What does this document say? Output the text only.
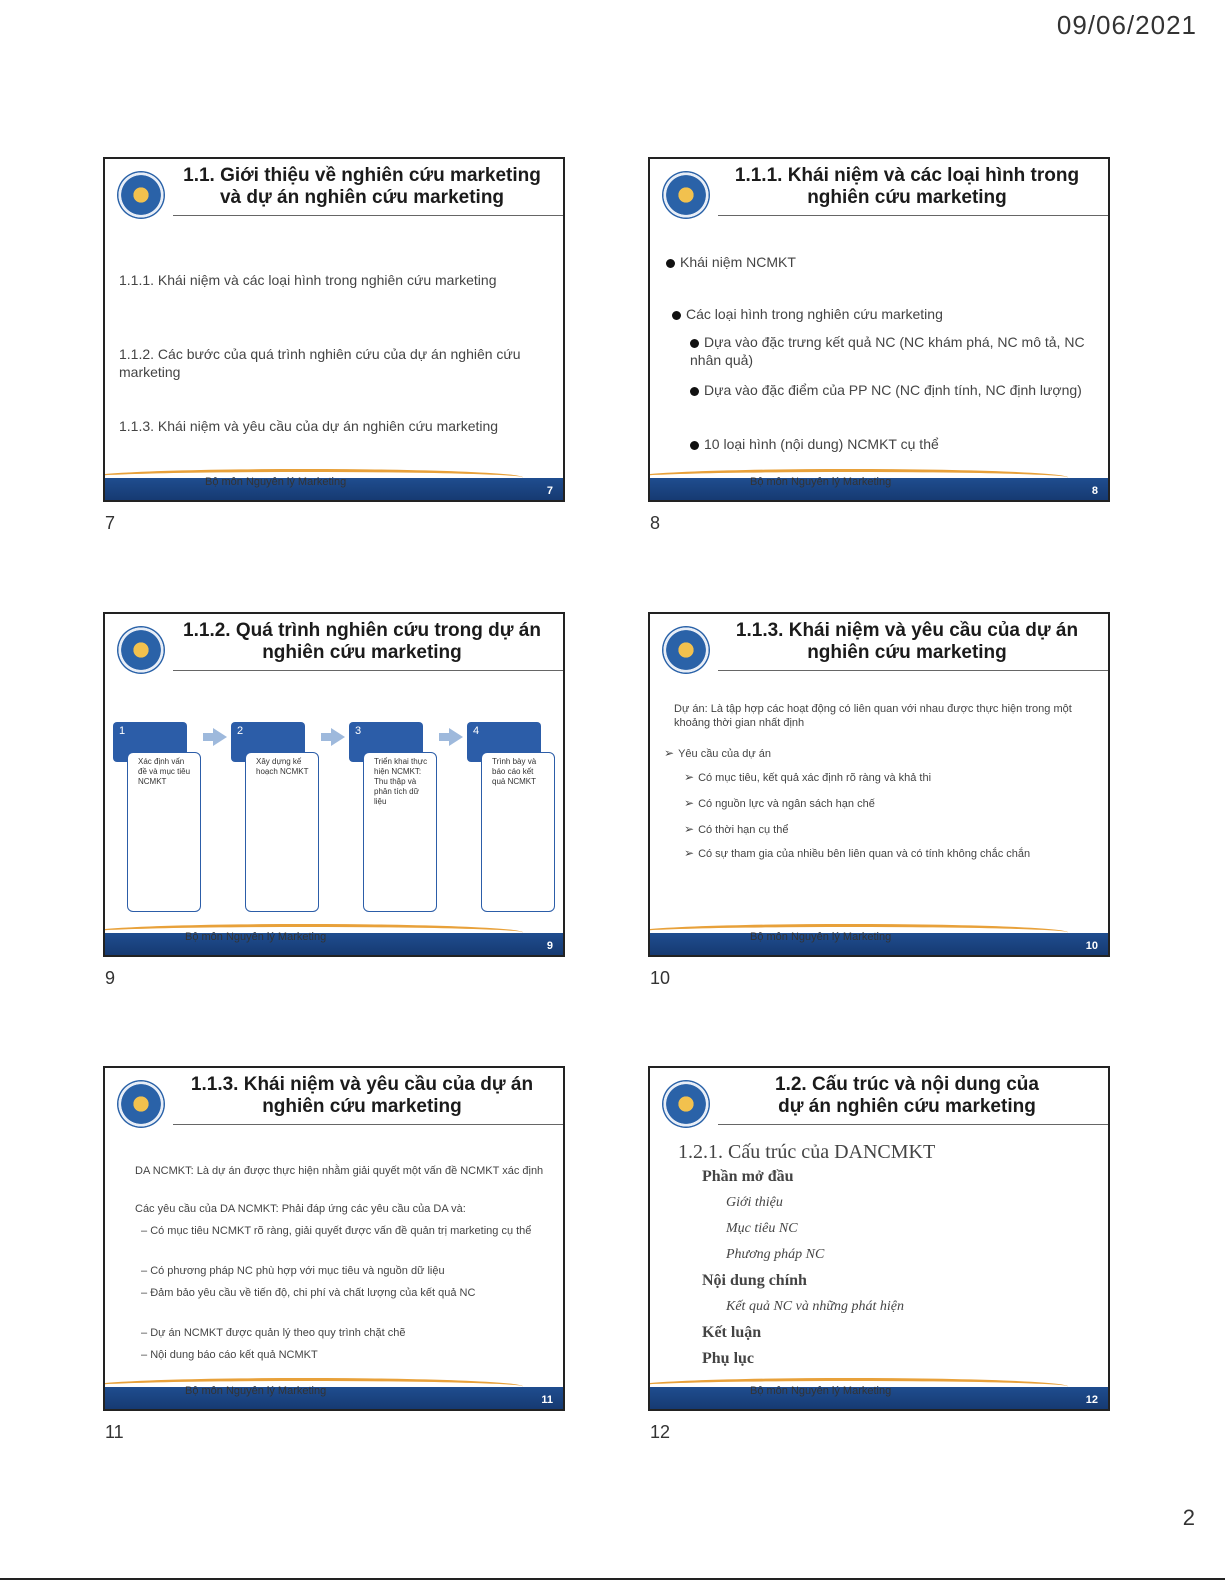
09/06/2021
1.1. Giới thiệu về nghiên cứu marketing
và dự án nghiên cứu marketing
1.1.1. Khái niệm và các loại hình trong nghiên cứu marketing
1.1.2. Các bước của quá trình nghiên cứu của dự án nghiên cứu marketing
1.1.3. Khái niệm và yêu cầu của dự án nghiên cứu marketing
Bộ môn Nguyên lý Marketing
7
7
1.1.1. Khái niệm và các loại hình trong
nghiên cứu marketing
Khái niệm NCMKT
Các loại hình trong nghiên cứu marketing
Dựa vào đặc trưng kết quả NC (NC khám phá, NC mô tả, NC nhân quả)
Dựa vào đặc điểm của PP NC (NC định tính, NC định lượng)
10 loại hình (nội dung) NCMKT cụ thể
Bộ môn Nguyên lý Marketing
8
8
1.1.2. Quá trình nghiên cứu trong dự án
nghiên cứu marketing
1
Xác định vấn đề và mục tiêu NCMKT
2
Xây dựng kế hoạch NCMKT
3
Triển khai thực hiện NCMKT: Thu thập và phân tích dữ liệu
4
Trình bày và báo cáo kết quả NCMKT
Bộ môn Nguyên lý Marketing
9
9
1.1.3. Khái niệm và yêu cầu của dự án
nghiên cứu marketing
Dự án: Là tập hợp các hoạt động có liên quan với nhau được thực hiện trong một khoảng thời gian nhất định
➢ Yêu cầu của dự án
➢ Có mục tiêu, kết quả xác định rõ ràng và khả thi
➢ Có nguồn lực và ngân sách hạn chế
➢ Có thời hạn cụ thể
➢ Có sự tham gia của nhiều bên liên quan và có tính không chắc chắn
Bộ môn Nguyên lý Marketing
10
10
1.1.3. Khái niệm và yêu cầu của dự án
nghiên cứu marketing
DA NCMKT: Là dự án được thực hiện nhằm giải quyết một vấn đề NCMKT xác định
Các yêu cầu của DA NCMKT: Phải đáp ứng các yêu cầu của DA và:
– Có mục tiêu NCMKT rõ ràng, giải quyết được vấn đề quản trị marketing cụ thể
– Có phương pháp NC phù hợp với mục tiêu và nguồn dữ liệu
– Đảm bảo yêu cầu về tiến độ, chi phí và chất lượng của kết quả NC
– Dự án NCMKT được quản lý theo quy trình chặt chẽ
– Nội dung báo cáo kết quả NCMKT
Bộ môn Nguyên lý Marketing
11
11
1.2. Cấu trúc và nội dung của
dự án nghiên cứu marketing
1.2.1. Cấu trúc của DANCMKT
Phần mở đầu
Giới thiệu
Mục tiêu NC
Phương pháp NC
Nội dung chính
Kết quả NC và những phát hiện
Kết luận
Phụ lục
Bộ môn Nguyên lý Marketing
12
12
2
